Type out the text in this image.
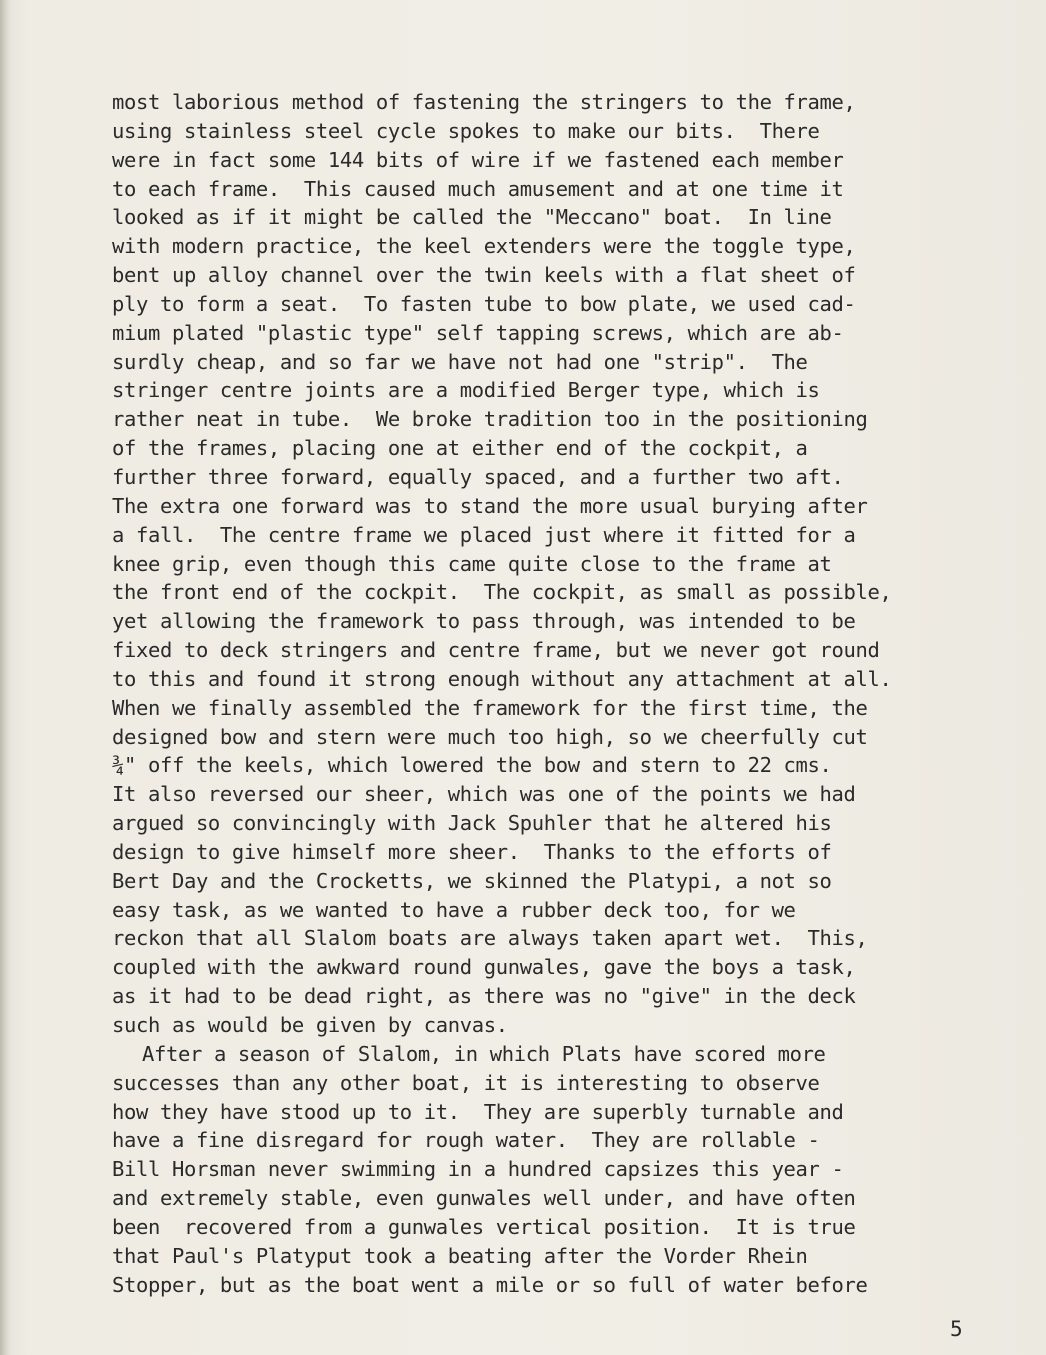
most laborious method of fastening the stringers to the frame,
using stainless steel cycle spokes to make our bits.  There
were in fact some 144 bits of wire if we fastened each member
to each frame.  This caused much amusement and at one time it
looked as if it might be called the "Meccano" boat.  In line
with modern practice, the keel extenders were the toggle type,
bent up alloy channel over the twin keels with a flat sheet of
ply to form a seat.  To fasten tube to bow plate, we used cad-
mium plated "plastic type" self tapping screws, which are ab-
surdly cheap, and so far we have not had one "strip".  The
stringer centre joints are a modified Berger type, which is
rather neat in tube.  We broke tradition too in the positioning
of the frames, placing one at either end of the cockpit, a
further three forward, equally spaced, and a further two aft.
The extra one forward was to stand the more usual burying after
a fall.  The centre frame we placed just where it fitted for a
knee grip, even though this came quite close to the frame at
the front end of the cockpit.  The cockpit, as small as possible,
yet allowing the framework to pass through, was intended to be
fixed to deck stringers and centre frame, but we never got round
to this and found it strong enough without any attachment at all.
When we finally assembled the framework for the first time, the
designed bow and stern were much too high, so we cheerfully cut
¾" off the keels, which lowered the bow and stern to 22 cms.
It also reversed our sheer, which was one of the points we had
argued so convincingly with Jack Spuhler that he altered his
design to give himself more sheer.  Thanks to the efforts of
Bert Day and the Crocketts, we skinned the Platypi, a not so
easy task, as we wanted to have a rubber deck too, for we
reckon that all Slalom boats are always taken apart wet.  This,
coupled with the awkward round gunwales, gave the boys a task,
as it had to be dead right, as there was no "give" in the deck
such as would be given by canvas.
After a season of Slalom, in which Plats have scored more
successes than any other boat, it is interesting to observe
how they have stood up to it.  They are superbly turnable and
have a fine disregard for rough water.  They are rollable -
Bill Horsman never swimming in a hundred capsizes this year -
and extremely stable, even gunwales well under, and have often
been  recovered from a gunwales vertical position.  It is true
that Paul's Platyput took a beating after the Vorder Rhein
Stopper, but as the boat went a mile or so full of water before
5
